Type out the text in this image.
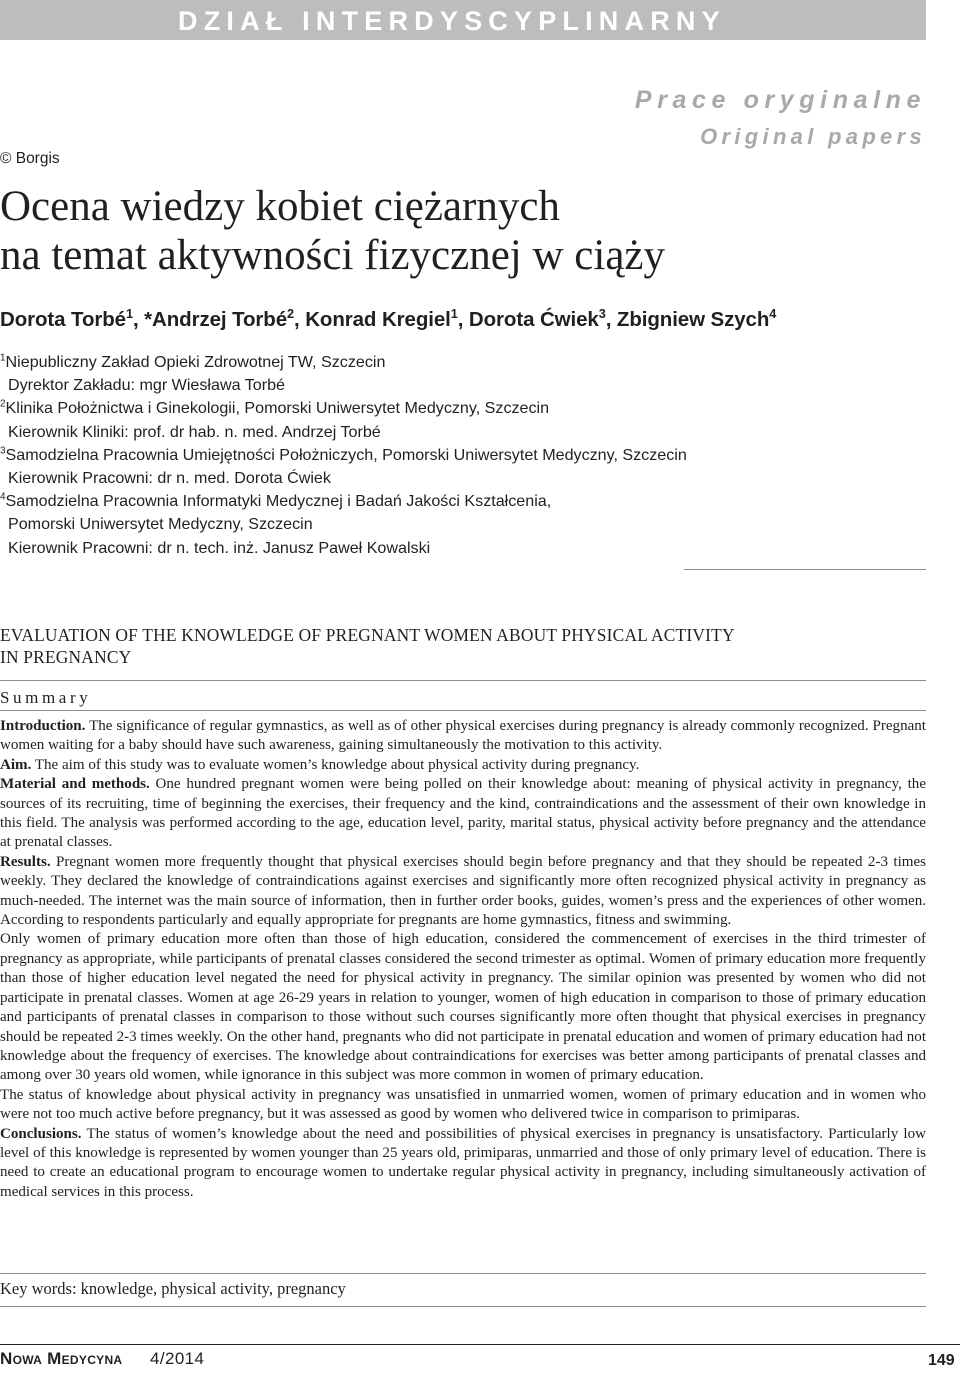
DZIAŁ INTERDYSCYPLINARNY
Prace oryginalne
Original papers
© Borgis
Ocena wiedzy kobiet ciężarnych
na temat aktywności fizycznej w ciąży
Dorota Torbé$^1$, *Andrzej Torbé$^2$, Konrad Kregiel$^1$, Dorota Ćwiek$^3$, Zbigniew Szych$^4$
$^1$Niepubliczny Zakład Opieki Zdrowotnej TW, Szczecin
Dyrektor Zakładu: mgr Wiesława Torbé
$^2$Klinika Położnictwa i Ginekologii, Pomorski Uniwersytet Medyczny, Szczecin
Kierownik Kliniki: prof. dr hab. n. med. Andrzej Torbé
$^3$Samodzielna Pracownia Umiejętności Położniczych, Pomorski Uniwersytet Medyczny, Szczecin
Kierownik Pracowni: dr n. med. Dorota Ćwiek
$^4$Samodzielna Pracownia Informatyki Medycznej i Badań Jakości Kształcenia,
Pomorski Uniwersytet Medyczny, Szczecin
Kierownik Pracowni: dr n. tech. inż. Janusz Paweł Kowalski
EVALUATION OF THE KNOWLEDGE OF PREGNANT WOMEN ABOUT PHYSICAL ACTIVITY
IN PREGNANCY
Summary

Introduction. The significance of regular gymnastics, as well as of other physical exercises during pregnancy is already commonly recognized. Pregnant women waiting for a baby should have such awareness, gaining simultaneously the motivation to this activity.

Aim. The aim of this study was to evaluate women’s knowledge about physical activity during pregnancy.

Material and methods. One hundred pregnant women were being polled on their knowledge about: meaning of physical activity in pregnancy, the sources of its recruiting, time of beginning the exercises, their frequency and the kind, contraindications and the assessment of their own knowledge in this field. The analysis was performed according to the age, education level, parity, marital status, physical activity before pregnancy and the attendance at prenatal classes.

Results. Pregnant women more frequently thought that physical exercises should begin before pregnancy and that they should be repeated 2-3 times weekly. They declared the knowledge of contraindications against exercises and significantly more often recognized physical activity in pregnancy as much-needed. The internet was the main source of information, then in further order books, guides, women’s press and the experiences of other women. According to respondents particularly and equally appropriate for pregnants are home gymnastics, fitness and swimming.

Only women of primary education more often than those of high education, considered the commencement of exercises in the third trimester of pregnancy as appropriate, while participants of prenatal classes considered the second trimester as optimal. Women of primary education more frequently than those of higher education level negated the need for physical activity in pregnancy. The similar opinion was presented by women who did not participate in prenatal classes. Women at age 26-29 years in relation to younger, women of high education in comparison to those of primary education and participants of prenatal classes in comparison to those without such courses significantly more often thought that physical exercises in pregnancy should be repeated 2-3 times weekly. On the other hand, pregnants who did not participate in prenatal education and women of primary education had not knowledge about the frequency of exercises. The knowledge about contraindications for exercises was better among participants of prenatal classes and among over 30 years old women, while ignorance in this subject was more common in women of primary education.

The status of knowledge about physical activity in pregnancy was unsatisfied in unmarried women, women of primary education and in women who were not too much active before pregnancy, but it was assessed as good by women who delivered twice in comparison to primiparas.

Conclusions. The status of women’s knowledge about the need and possibilities of physical exercises in pregnancy is unsatisfactory. Particularly low level of this knowledge is represented by women younger than 25 years old, primiparas, unmarried and those of only primary level of education. There is need to create an educational program to encourage women to undertake regular physical activity in pregnancy, including simultaneously activation of medical services in this process.

Key words: knowledge, physical activity, pregnancy
Nowa Medycyna 4/2014	149
